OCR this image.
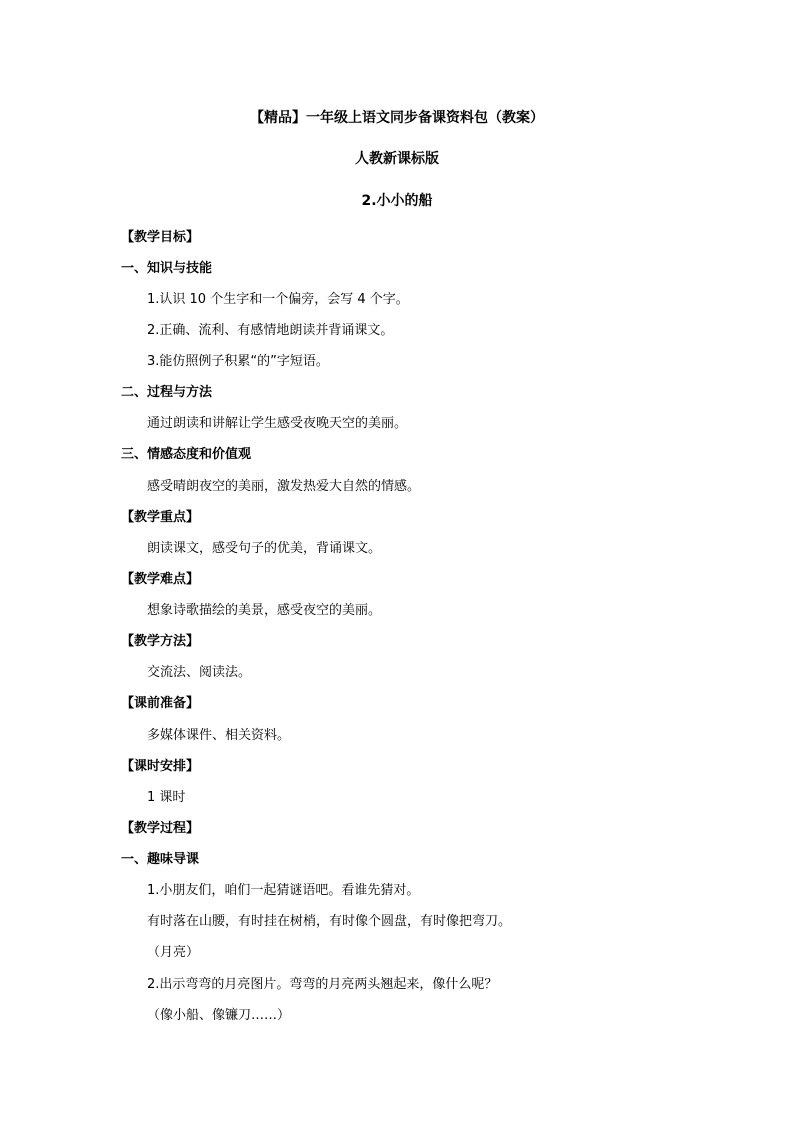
【精品】一年级上语文同步备课资料包（教案）
人教新课标版
2.小小的船
【教学目标】
一、知识与技能
1.认识 10 个生字和一个偏旁，会写 4 个字。
2.正确、流利、有感情地朗读并背诵课文。
3.能仿照例子积累“的”字短语。
二、过程与方法
通过朗读和讲解让学生感受夜晚天空的美丽。
三、情感态度和价值观
感受晴朗夜空的美丽，激发热爱大自然的情感。
【教学重点】
朗读课文，感受句子的优美，背诵课文。
【教学难点】
想象诗歌描绘的美景，感受夜空的美丽。
【教学方法】
交流法、阅读法。
【课前准备】
多媒体课件、相关资料。
【课时安排】
1 课时
【教学过程】
一、趣味导课
1.小朋友们，咱们一起猜谜语吧。看谁先猜对。
有时落在山腰，有时挂在树梢，有时像个圆盘，有时像把弯刀。
（月亮）
2.出示弯弯的月亮图片。弯弯的月亮两头翘起来，像什么呢？
（像小船、像镰刀……）
